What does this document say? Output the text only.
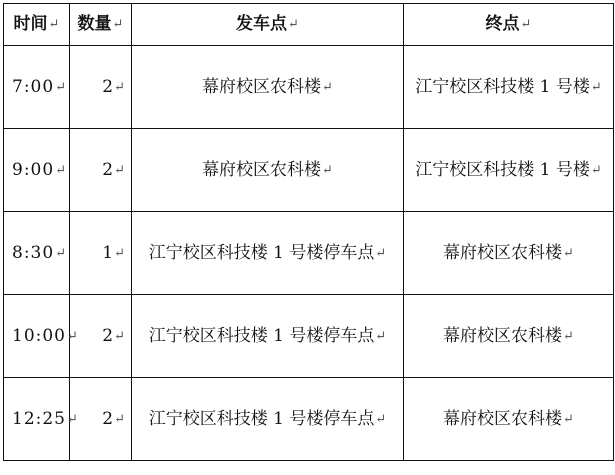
时间↵	数量↵	发车点↵	终点↵
7:00↵	2↵	幕府校区农科楼↵	江宁校区科技楼 1 号楼↵
9:00↵	2↵	幕府校区农科楼↵	江宁校区科技楼 1 号楼↵
8:30↵	1↵	江宁校区科技楼 1 号楼停车点↵	幕府校区农科楼↵
10:00↵	2↵	江宁校区科技楼 1 号楼停车点↵	幕府校区农科楼↵
12:25↵	2↵	江宁校区科技楼 1 号楼停车点↵	幕府校区农科楼↵
